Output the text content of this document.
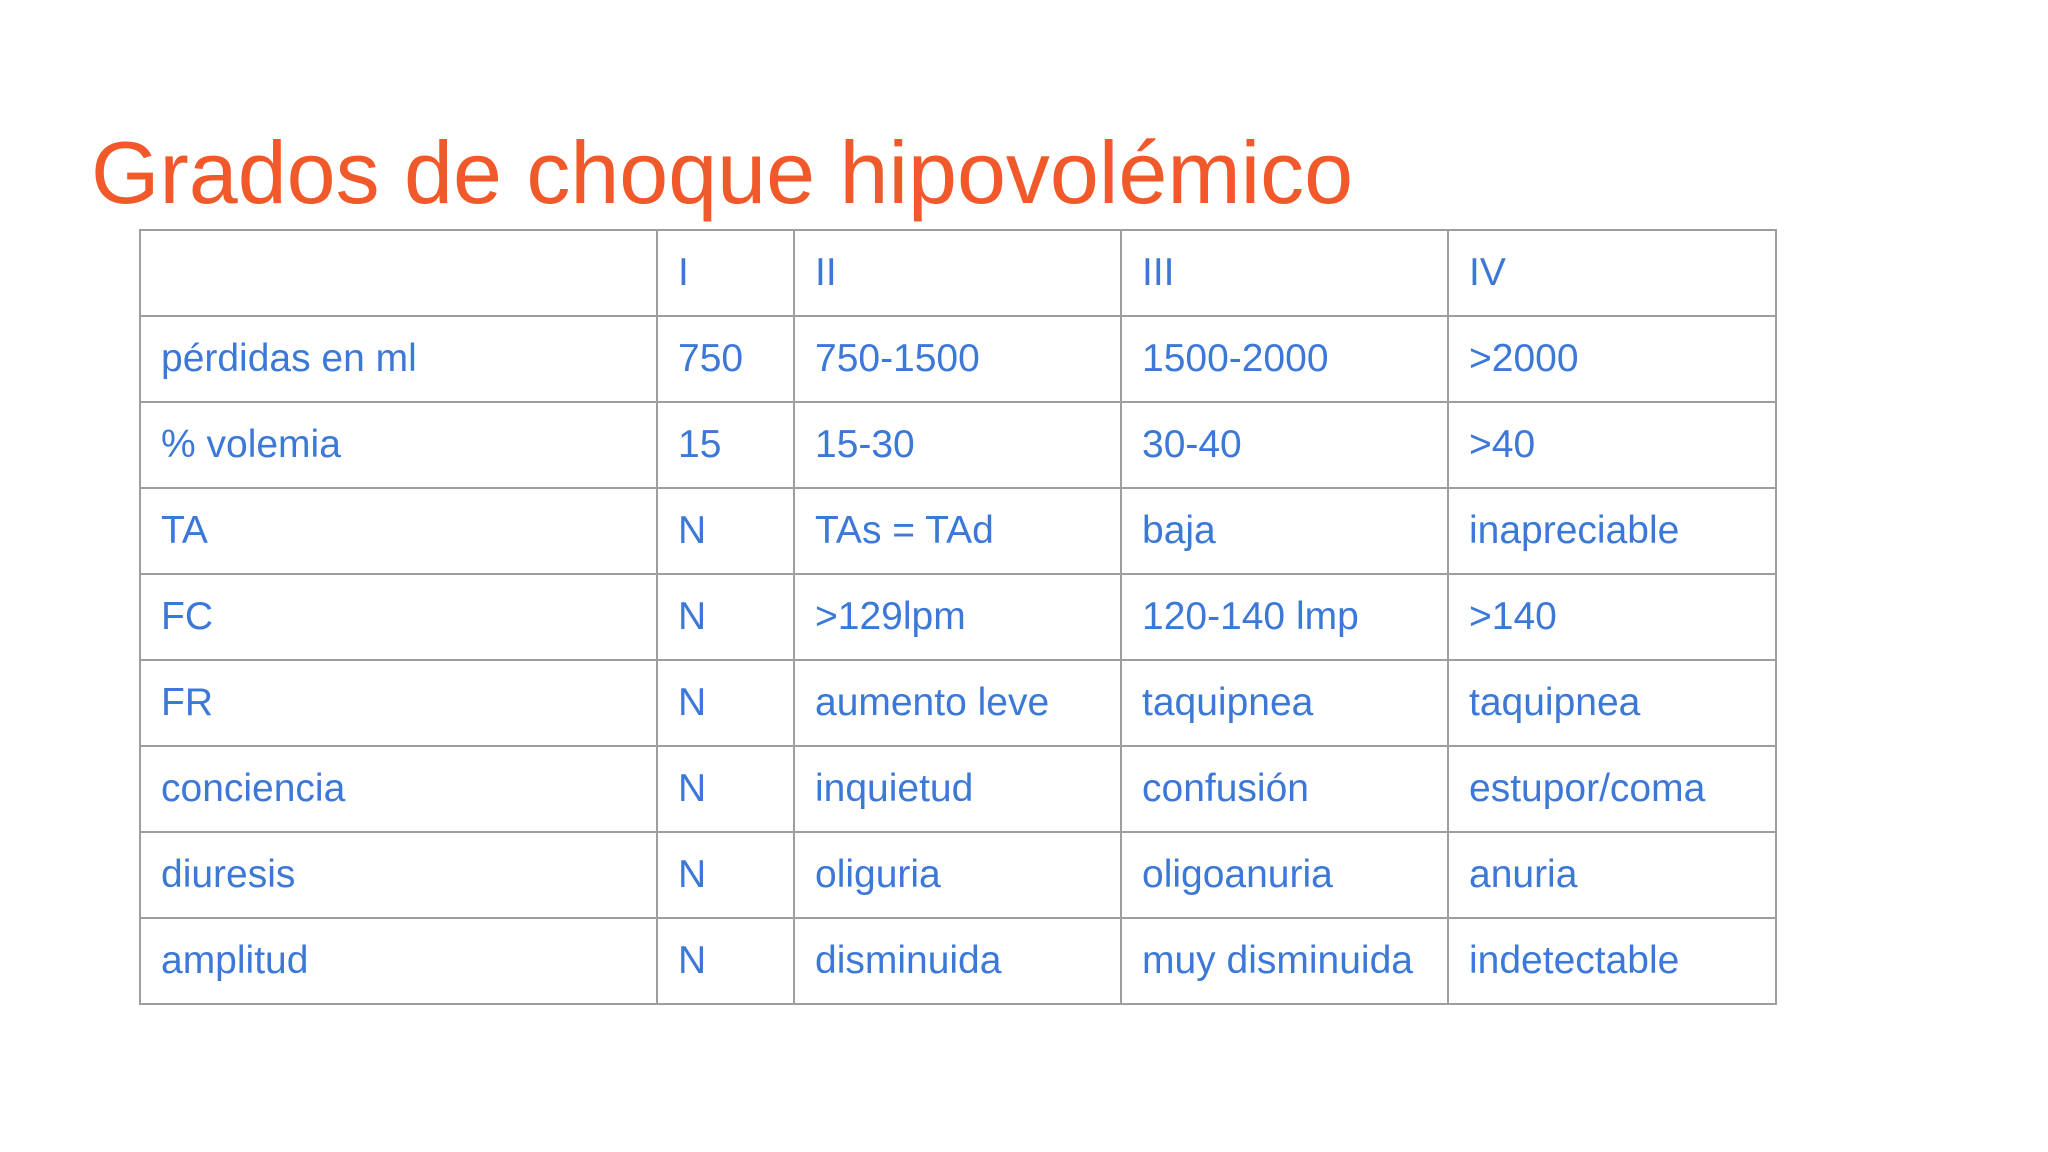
Grados de choque hipovolémico
	I	II	III	IV
pérdidas en ml	750	750-1500	1500-2000	>2000
% volemia	15	15-30	30-40	>40
TA	N	TAs = TAd	baja	inapreciable
FC	N	>129lpm	120-140 lmp	>140
FR	N	aumento leve	taquipnea	taquipnea
conciencia	N	inquietud	confusión	estupor/coma
diuresis	N	oliguria	oligoanuria	anuria
amplitud	N	disminuida	muy disminuida	indetectable
